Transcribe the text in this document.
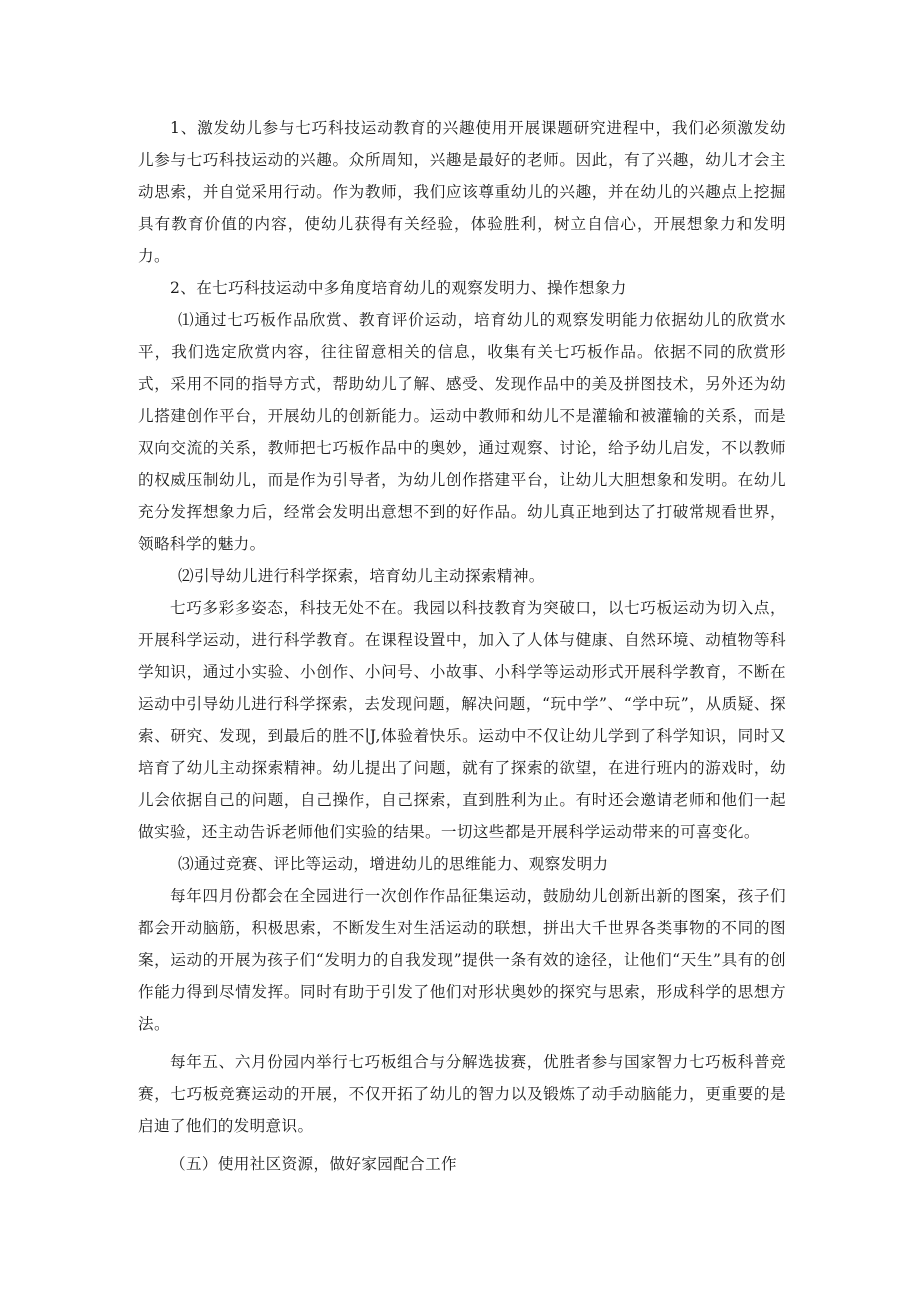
1、激发幼儿参与七巧科技运动教育的兴趣使用开展课题研究进程中，我们必须激发幼儿参与七巧科技运动的兴趣。众所周知，兴趣是最好的老师。因此，有了兴趣，幼儿才会主动思索，并自觉采用行动。作为教师，我们应该尊重幼儿的兴趣，并在幼儿的兴趣点上挖掘具有教育价值的内容，使幼儿获得有关经验，体验胜利，树立自信心，开展想象力和发明力。

2、在七巧科技运动中多角度培育幼儿的观察发明力、操作想象力

⑴通过七巧板作品欣赏、教育评价运动，培育幼儿的观察发明能力依据幼儿的欣赏水平，我们选定欣赏内容，往往留意相关的信息，收集有关七巧板作品。依据不同的欣赏形式，采用不同的指导方式，帮助幼儿了解、感受、发现作品中的美及拼图技术，另外还为幼儿搭建创作平台，开展幼儿的创新能力。运动中教师和幼儿不是灌输和被灌输的关系，而是双向交流的关系，教师把七巧板作品中的奥妙，通过观察、讨论，给予幼儿启发，不以教师的权威压制幼儿，而是作为引导者，为幼儿创作搭建平台，让幼儿大胆想象和发明。在幼儿充分发挥想象力后，经常会发明出意想不到的好作品。幼儿真正地到达了打破常规看世界，领略科学的魅力。

⑵引导幼儿进行科学探索，培育幼儿主动探索精神。

七巧多彩多姿态，科技无处不在。我园以科技教育为突破口，以七巧板运动为切入点，开展科学运动，进行科学教育。在课程设置中，加入了人体与健康、自然环境、动植物等科学知识，通过小实验、小创作、小问号、小故事、小科学等运动形式开展科学教育，不断在运动中引导幼儿进行科学探索，去发现问题，解决问题，“玩中学”、“学中玩”，从质疑、探索、研究、发现，到最后的胜不∣J,体验着快乐。运动中不仅让幼儿学到了科学知识，同时又培育了幼儿主动探索精神。幼儿提出了问题，就有了探索的欲望，在进行班内的游戏时，幼儿会依据自己的问题，自己操作，自己探索，直到胜利为止。有时还会邀请老师和他们一起做实验，还主动告诉老师他们实验的结果。一切这些都是开展科学运动带来的可喜变化。

⑶通过竞赛、评比等运动，增进幼儿的思维能力、观察发明力

每年四月份都会在全园进行一次创作作品征集运动，鼓励幼儿创新出新的图案，孩子们都会开动脑筋，积极思索，不断发生对生活运动的联想，拼出大千世界各类事物的不同的图案，运动的开展为孩子们“发明力的自我发现”提供一条有效的途径，让他们“天生”具有的创作能力得到尽情发挥。同时有助于引发了他们对形状奥妙的探究与思索，形成科学的思想方法。

每年五、六月份园内举行七巧板组合与分解选拔赛，优胜者参与国家智力七巧板科普竞赛，七巧板竞赛运动的开展，不仅开拓了幼儿的智力以及锻炼了动手动脑能力，更重要的是启迪了他们的发明意识。

（五）使用社区资源，做好家园配合工作
